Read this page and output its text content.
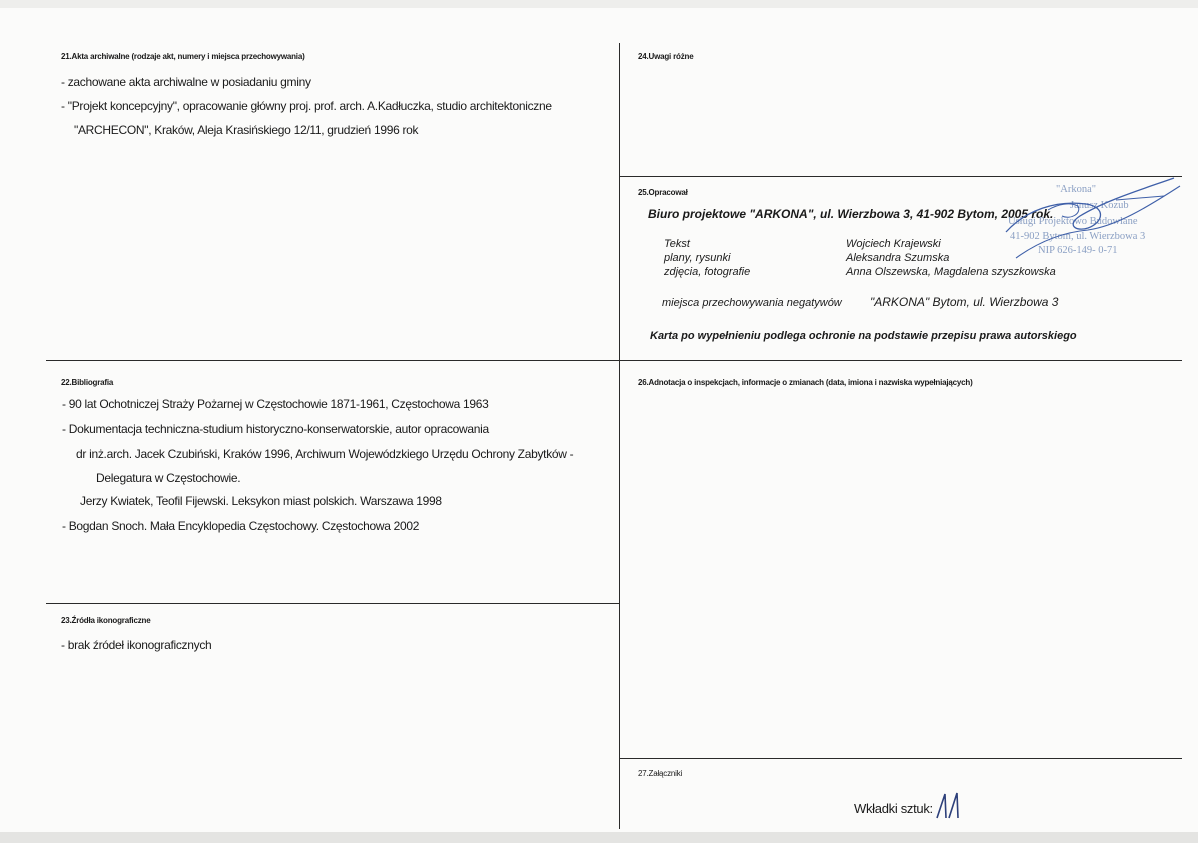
21.Akta archiwalne (rodzaje akt, numery i miejsca przechowywania)
- zachowane akta archiwalne w posiadaniu gminy
- "Projekt koncepcyjny", opracowanie główny proj. prof. arch. A.Kadłuczka, studio architektoniczne
"ARCHECON", Kraków, Aleja Krasińskiego 12/11, grudzień 1996 rok
22.Bibliografia
- 90 lat Ochotniczej Straży Pożarnej w Częstochowie 1871-1961, Częstochowa 1963
- Dokumentacja techniczna-studium historyczno-konserwatorskie, autor opracowania
dr inż.arch. Jacek Czubiński, Kraków 1996, Archiwum Wojewódzkiego Urzędu Ochrony Zabytków -
Delegatura w Częstochowie.
Jerzy Kwiatek, Teofil Fijewski. Leksykon miast polskich. Warszawa 1998
- Bogdan Snoch. Mała Encyklopedia Częstochowy. Częstochowa 2002
23.Źródła ikonograficzne
- brak źródeł ikonograficznych
24.Uwagi różne
25.Opracował
Biuro projektowe "ARKONA", ul. Wierzbowa 3, 41-902 Bytom, 2005 rok.
Tekst	Wojciech Krajewski
plany, rysunki	Aleksandra Szumska
zdjęcia, fotografie	Anna Olszewska, Magdalena szyszkowska
miejsca przechowywania negatywów "ARKONA" Bytom, ul. Wierzbowa 3
Karta po wypełnieniu podlega ochronie na podstawie przepisu prawa autorskiego
"Arkona"
Janusz Kozub
Usługi Projektowo Budowlane
41-902 Bytom, ul. Wierzbowa 3
NIP 626-149- 0-71
26.Adnotacja o inspekcjach, informacje o zmianach (data, imiona i nazwiska wypełniających)
27.Załączniki
Wkładki sztuk:
